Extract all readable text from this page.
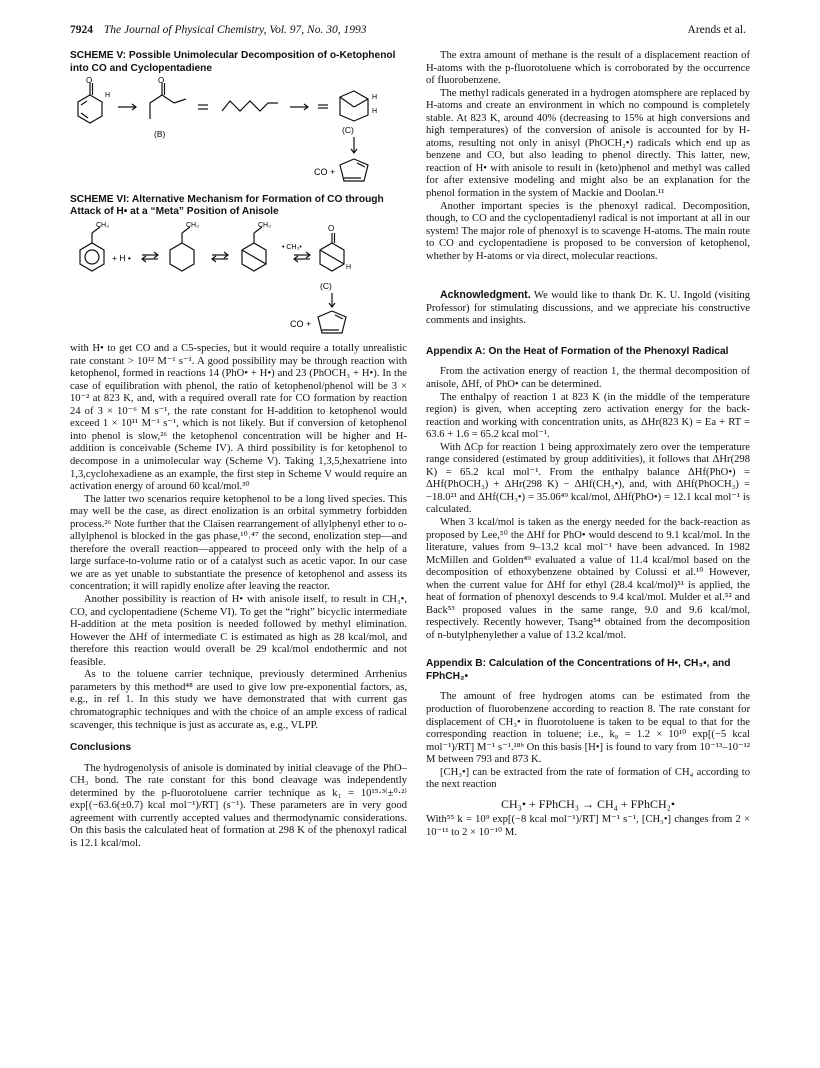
7924 The Journal of Physical Chemistry, Vol. 97, No. 30, 1993	Arends et al.
SCHEME V: Possible Unimolecular Decomposition of o-Ketophenol into CO and Cyclopentadiene
O
H
O
(B)
H
H
(C)
CO +
SCHEME VI: Alternative Mechanism for Formation of CO through Attack of H• at a “Meta” Position of Anisole
CH₃
+ H •
CH₃	CH₃
• CH₃•
O
H
(C)
CO +

with H• to get CO and a C5-species, but it would require a totally unrealistic rate constant > 10¹² M⁻¹ s⁻¹. A good possibility may be through reaction with ketophenol, formed in reactions 14 (PhO• + H•) and 23 (PhOCH₃ + H•). In the case of equilibration with phenol, the ratio of ketophenol/phenol will be 3 × 10⁻² at 823 K, and, with a required overall rate for CO formation by reaction 24 of 3 × 10⁻⁶ M s⁻¹, the rate constant for H-addition to ketophenol would exceed 1 × 10¹¹ M⁻¹ s⁻¹, which is not likely. But if conversion of ketophenol into phenol is slow,²⁶ the ketophenol concentration will be higher and H-addition is conceivable (Scheme IV). A third possibility is for ketophenol to decompose in a unimolecular way (Scheme V). Taking 1,3,5,hexatriene into 1,3,cyclohexadiene as an example, the first step in Scheme V would require an activation energy of around 60 kcal/mol.³⁰

The latter two scenarios require ketophenol to be a long lived species. This may well be the case, as direct enolization is an orbital symmetry forbidden process.²⁶ Note further that the Claisen rearrangement of allylphenyl ether to o-allylphenol is blocked in the gas phase,¹⁰˒⁴⁷ the second, enolization step—and therefore the overall reaction—appeared to proceed only with the help of a large surface-to-volume ratio or of a catalyst such as acetic vapor. In our case we are as yet unable to substantiate the presence of ketophenol and assess its concentration; it will rapidly enolize after leaving the reactor.

Another possibility is reaction of H• with anisole itself, to result in CH₃•, CO, and cyclopentadiene (Scheme VI). To get the “right” bicyclic intermediate H-addition at the meta position is needed followed by methyl elimination. However the ΔHf of intermediate C is estimated as high as 28 kcal/mol, and therefore this reaction would overall be 29 kcal/mol endothermic and not feasible.

As to the toluene carrier technique, previously determined Arrhenius parameters by this method⁴⁸ are used to give low pre-exponential factors, as, e.g., in ref 1. In this study we have demonstrated that with current gas chromatographic techniques and with the choice of an ample excess of radical scavenger, this technique is just as accurate as, e.g., VLPP.

Conclusions

The hydrogenolysis of anisole is dominated by initial cleavage of the PhO–CH₃ bond. The rate constant for this bond cleavage was independently determined by the p-fluorotoluene carrier technique as k₁ = 10¹⁵·³⁽±⁰·²⁾ exp[(−63.6(±0.7) kcal mol⁻¹)/RT] (s⁻¹). These parameters are in very good agreement with currently accepted values and thermodynamic considerations. On this basis the calculated heat of formation at 298 K of the phenoxyl radical is 12.1 kcal/mol.

The extra amount of methane is the result of a displacement reaction of H-atoms with the p-fluorotoluene which is corroborated by the occurrence of fluorobenzene.

The methyl radicals generated in a hydrogen atomsphere are replaced by H-atoms and create an environment in which no compound is completely stable. At 823 K, around 40% (decreasing to 15% at high conversions and high temperatures) of the conversion of anisole is accounted for by H-atoms, resulting not only in anisyl (PhOCH₂•) radicals which end up as benzene and CO, but also leading to phenol directly. This latter, new, reaction of H• with anisole to result in (keto)phenol and methyl was called for after extensive modeling and might also be an explanation for the phenol formation in the system of Mackie and Doolan.¹¹

Another important species is the phenoxyl radical. Decomposition, though, to CO and the cyclopentadienyl radical is not important at all in our system! The major role of phenoxyl is to scavenge H-atoms. The main route to CO and cyclopentadiene is proposed to be conversion of ketophenol, whether by H-atoms or via direct, molecular reactions.

Acknowledgment. We would like to thank Dr. K. U. Ingold (visiting Professor) for stimulating discussions, and we appreciate his constructive comments and insights.

Appendix A: On the Heat of Formation of the Phenoxyl Radical

From the activation energy of reaction 1, the thermal decomposition of anisole, ΔHf, of PhO• can be determined.

The enthalpy of reaction 1 at 823 K (in the middle of the temperature region) is given, when accepting zero activation energy for the back-reaction and working with concentration units, as ΔHr(823 K) = Ea + RT = 63.6 + 1.6 = 65.2 kcal mol⁻¹.

With ΔCp for reaction 1 being approximately zero over the temperature range considered (estimated by group additivities), it follows that ΔHr(298 K) = 65.2 kcal mol⁻¹. From the enthalpy balance ΔHf(PhO•) = ΔHf(PhOCH₃) + ΔHr(298 K) − ΔHf(CH₃•), and, with ΔHf(PhOCH₃) = −18.0²¹ and ΔHf(CH₃•) = 35.06⁴⁹ kcal/mol, ΔHf(PhO•) = 12.1 kcal mol⁻¹ is calculated.

When 3 kcal/mol is taken as the energy needed for the back-reaction as proposed by Lee,⁵⁰ the ΔHf for PhO• would descend to 9.1 kcal/mol. In the literature, values from 9–13.2 kcal mol⁻¹ have been advanced. In 1982 McMillen and Golden⁴⁹ evaluated a value of 11.4 kcal/mol based on the decomposition of ethoxybenzene obtained by Colussi et al.¹⁰ However, when the current value for ΔHf for ethyl (28.4 kcal/mol)⁵¹ is applied, the heat of formation of phenoxyl descends to 9.4 kcal/mol. Mulder et al.⁵² and Back⁵³ proposed values in the same range, 9.0 and 9.6 kcal/mol, respectively. Recently however, Tsang⁵⁴ obtained from the decomposition of n-butylphenylether a value of 13.2 kcal/mol.

Appendix B: Calculation of the Concentrations of H•, CH₃•, and FPhCH₂•

The amount of free hydrogen atoms can be estimated from the production of fluorobenzene according to reaction 8. The rate constant for displacement of CH₃• in fluorotoluene is taken to be equal to that for the corresponding reaction in toluene; i.e., k₈ = 1.2 × 10¹⁰ exp[(−5 kcal mol⁻¹)/RT] M⁻¹ s⁻¹.¹⁸ᵇ On this basis [H•] is found to vary from 10⁻¹³–10⁻¹² M between 793 and 873 K.

[CH₃•] can be extracted from the rate of formation of CH₄ according to the next reaction

CH₃• + FPhCH₃ → CH₄ + FPhCH₂•

With⁵⁵ k = 10⁹ exp[(−8 kcal mol⁻¹)/RT] M⁻¹ s⁻¹, [CH₃•] changes from 2 × 10⁻¹¹ to 2 × 10⁻¹⁰ M.
